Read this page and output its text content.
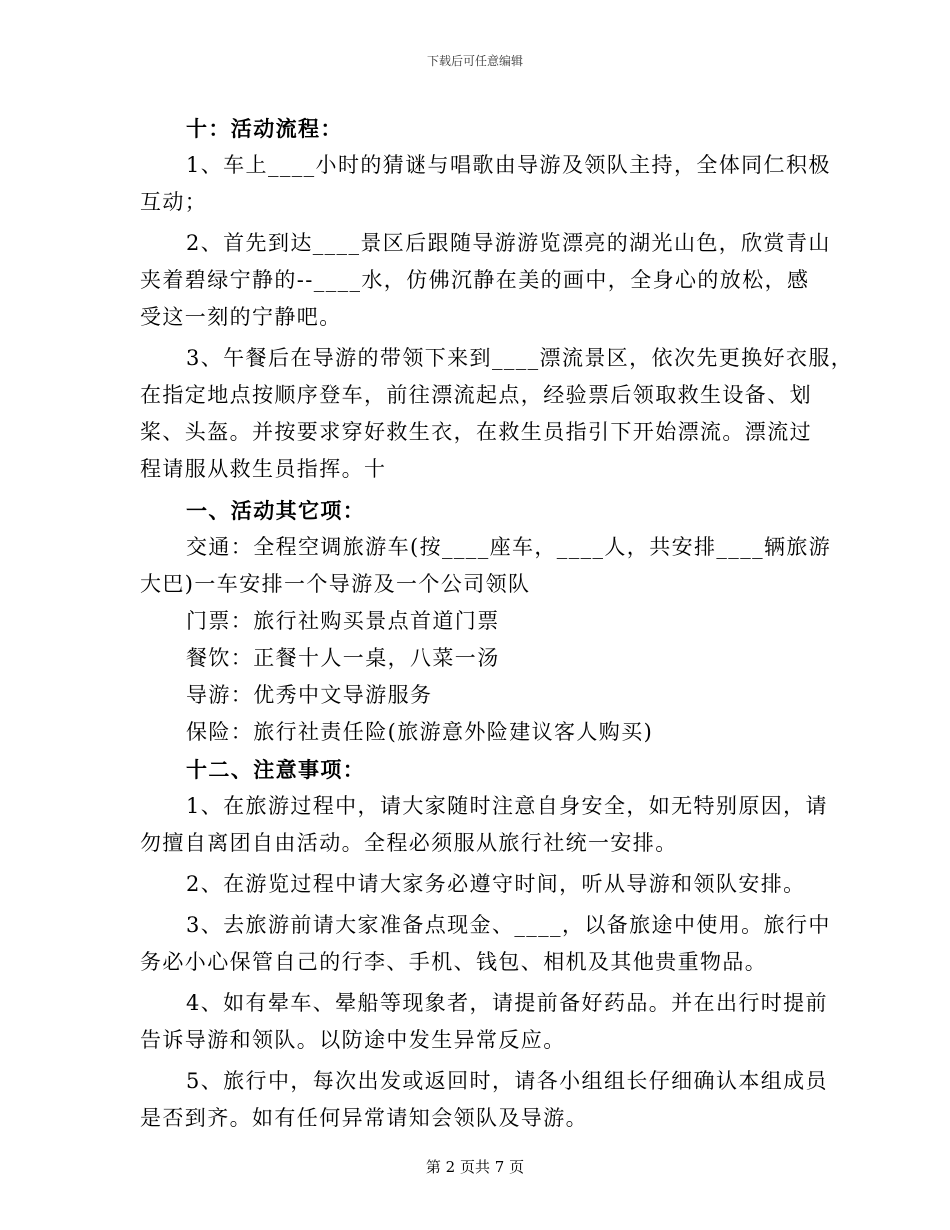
下载后可任意编辑

十：活动流程：

1、车上____小时的猜谜与唱歌由导游及领队主持，全体同仁积极

互动；

2、首先到达____景区后跟随导游游览漂亮的湖光山色，欣赏青山

夹着碧绿宁静的--____水，仿佛沉静在美的画中，全身心的放松，感

受这一刻的宁静吧。

3、午餐后在导游的带领下来到____漂流景区，依次先更换好衣服，

在指定地点按顺序登车，前往漂流起点，经验票后领取救生设备、划

桨、头盔。并按要求穿好救生衣，在救生员指引下开始漂流。漂流过

程请服从救生员指挥。十

一、活动其它项：

交通：全程空调旅游车(按____座车，____人，共安排____辆旅游

大巴)一车安排一个导游及一个公司领队

门票：旅行社购买景点首道门票

餐饮：正餐十人一桌，八菜一汤

导游：优秀中文导游服务

保险：旅行社责任险(旅游意外险建议客人购买)

十二、注意事项：

1、在旅游过程中，请大家随时注意自身安全，如无特别原因，请

勿擅自离团自由活动。全程必须服从旅行社统一安排。

2、在游览过程中请大家务必遵守时间，听从导游和领队安排。

3、去旅游前请大家准备点现金、____，以备旅途中使用。旅行中

务必小心保管自己的行李、手机、钱包、相机及其他贵重物品。

4、如有晕车、晕船等现象者，请提前备好药品。并在出行时提前

告诉导游和领队。以防途中发生异常反应。

5、旅行中，每次出发或返回时，请各小组组长仔细确认本组成员

是否到齐。如有任何异常请知会领队及导游。

第 2 页共 7 页
